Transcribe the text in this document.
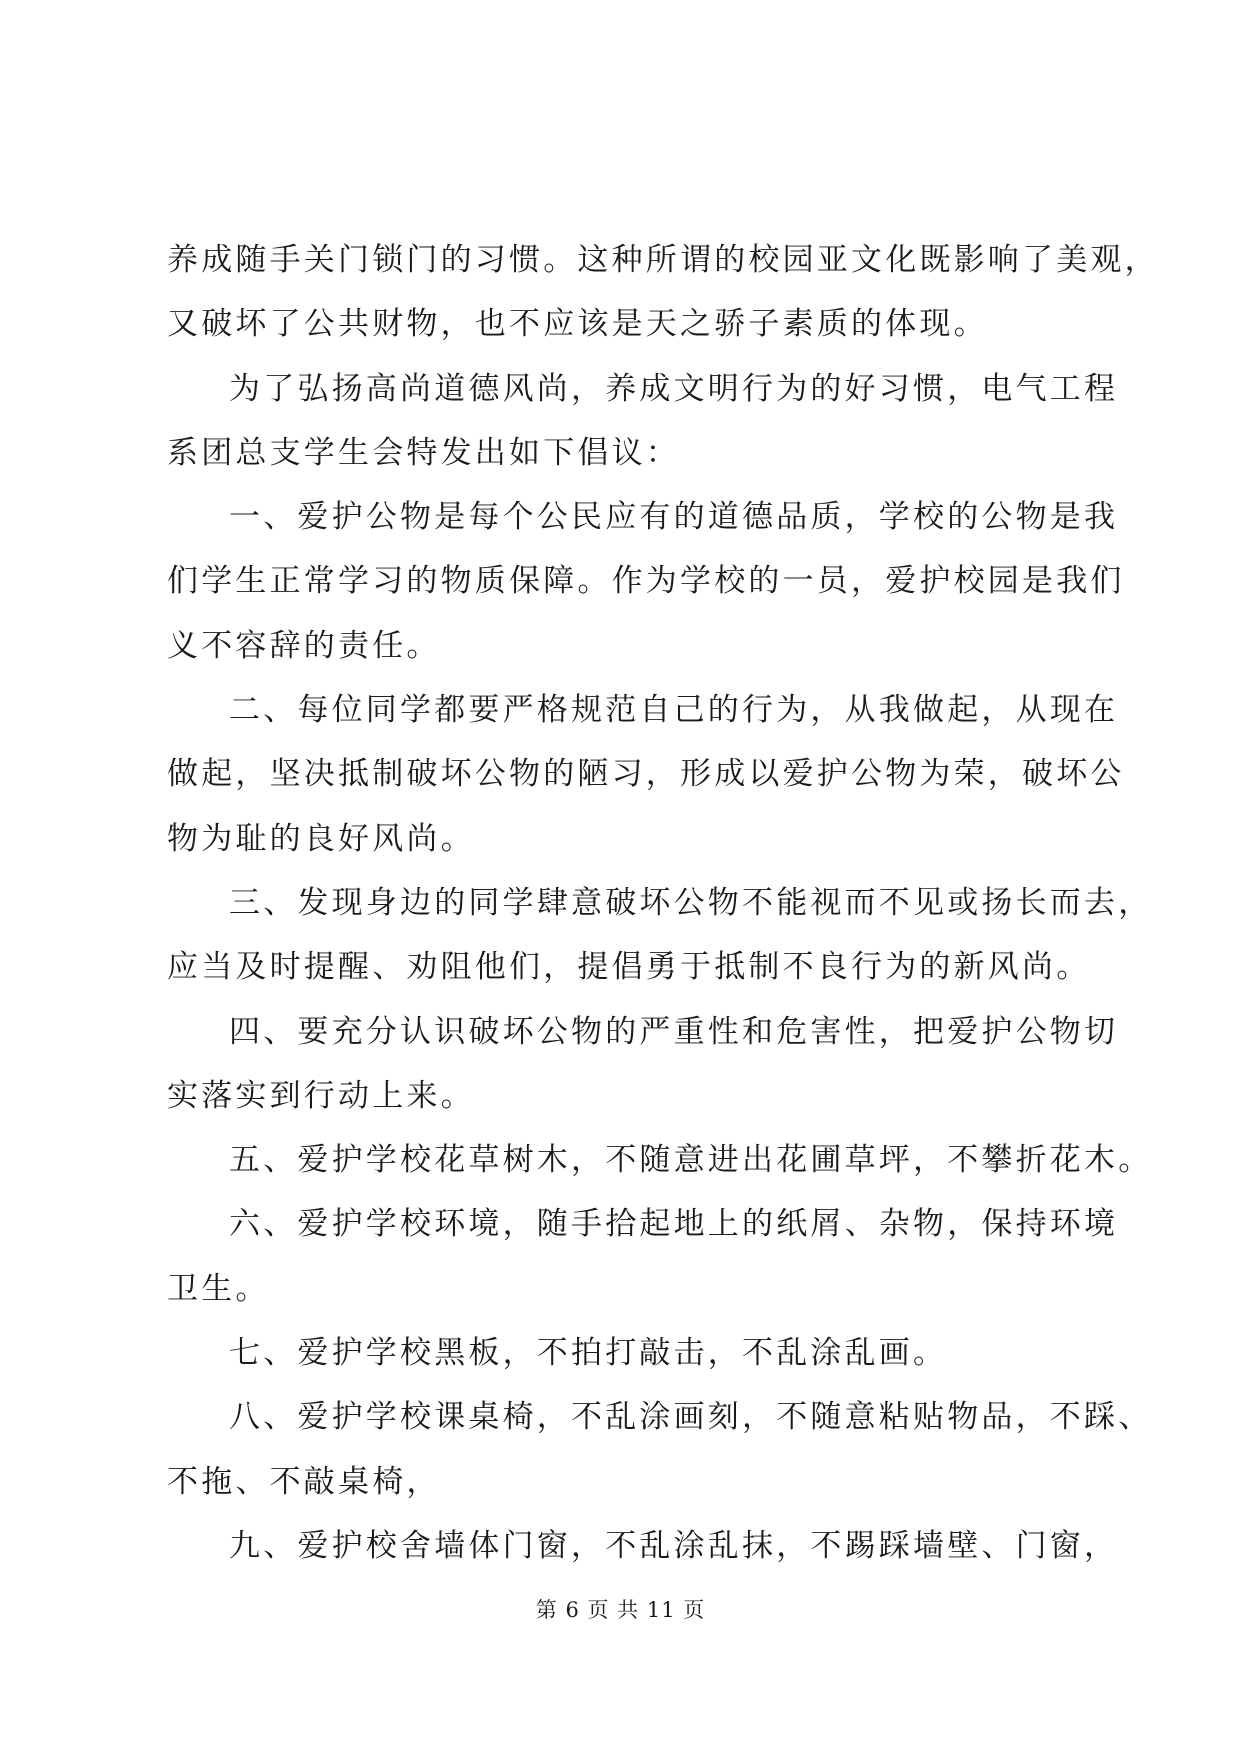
养成随手关门锁门的习惯。这种所谓的校园亚文化既影响了美观，
又破坏了公共财物，也不应该是天之骄子素质的体现。
为了弘扬高尚道德风尚，养成文明行为的好习惯，电气工程
系团总支学生会特发出如下倡议：
一、爱护公物是每个公民应有的道德品质，学校的公物是我
们学生正常学习的物质保障。作为学校的一员，爱护校园是我们
义不容辞的责任。
二、每位同学都要严格规范自己的行为，从我做起，从现在
做起，坚决抵制破坏公物的陋习，形成以爱护公物为荣，破坏公
物为耻的良好风尚。
三、发现身边的同学肆意破坏公物不能视而不见或扬长而去，
应当及时提醒、劝阻他们，提倡勇于抵制不良行为的新风尚。
四、要充分认识破坏公物的严重性和危害性，把爱护公物切
实落实到行动上来。
五、爱护学校花草树木，不随意进出花圃草坪，不攀折花木。
六、爱护学校环境，随手拾起地上的纸屑、杂物，保持环境
卫生。
七、爱护学校黑板，不拍打敲击，不乱涂乱画。
八、爱护学校课桌椅，不乱涂画刻，不随意粘贴物品，不踩、
不拖、不敲桌椅，
九、爱护校舍墙体门窗，不乱涂乱抹，不踢踩墙壁、门窗，
第 6 页 共 11 页
